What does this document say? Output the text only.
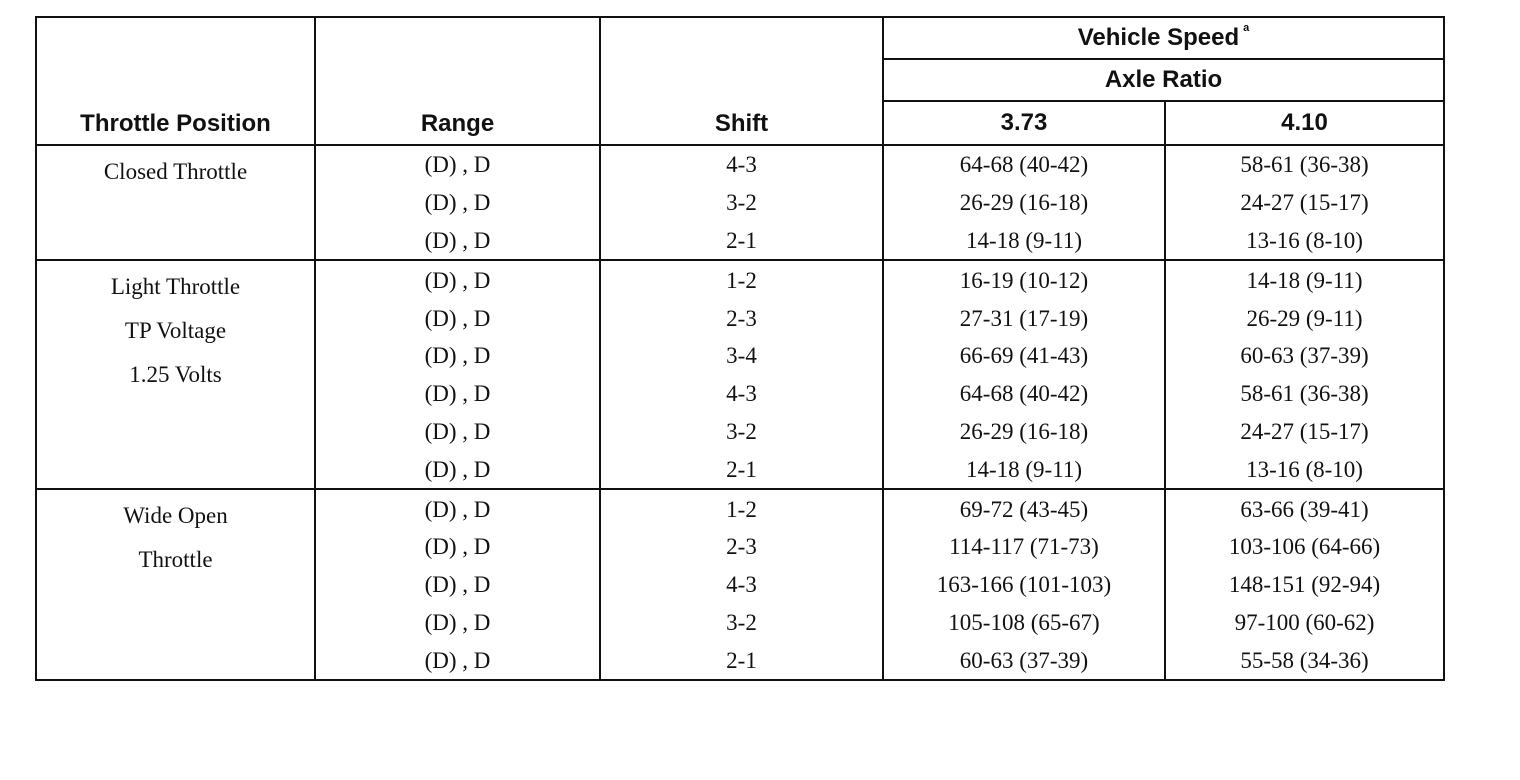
Throttle Position	Range	Shift	Vehicle Speed $^a$
			Axle Ratio	
			3.73	4.10

Closed Throttle	(D) , D	4-3	64-68 (40-42)	58-61 (36-38)
	(D) , D	3-2	26-29 (16-18)	24-27 (15-17)
	(D) , D	2-1	14-18 (9-11)	13-16 (8-10)

Light Throttle
TP Voltage
1.25 Volts	(D) , D	1-2	16-19 (10-12)	14-18 (9-11)
	(D) , D	2-3	27-31 (17-19)	26-29 (9-11)
	(D) , D	3-4	66-69 (41-43)	60-63 (37-39)
	(D) , D	4-3	64-68 (40-42)	58-61 (36-38)
	(D) , D	3-2	26-29 (16-18)	24-27 (15-17)
	(D) , D	2-1	14-18 (9-11)	13-16 (8-10)

Wide Open
Throttle	(D) , D	1-2	69-72 (43-45)	63-66 (39-41)
	(D) , D	2-3	114-117 (71-73)	103-106 (64-66)
	(D) , D	4-3	163-166 (101-103)	148-151 (92-94)
	(D) , D	3-2	105-108 (65-67)	97-100 (60-62)
	(D) , D	2-1	60-63 (37-39)	55-58 (34-36)
